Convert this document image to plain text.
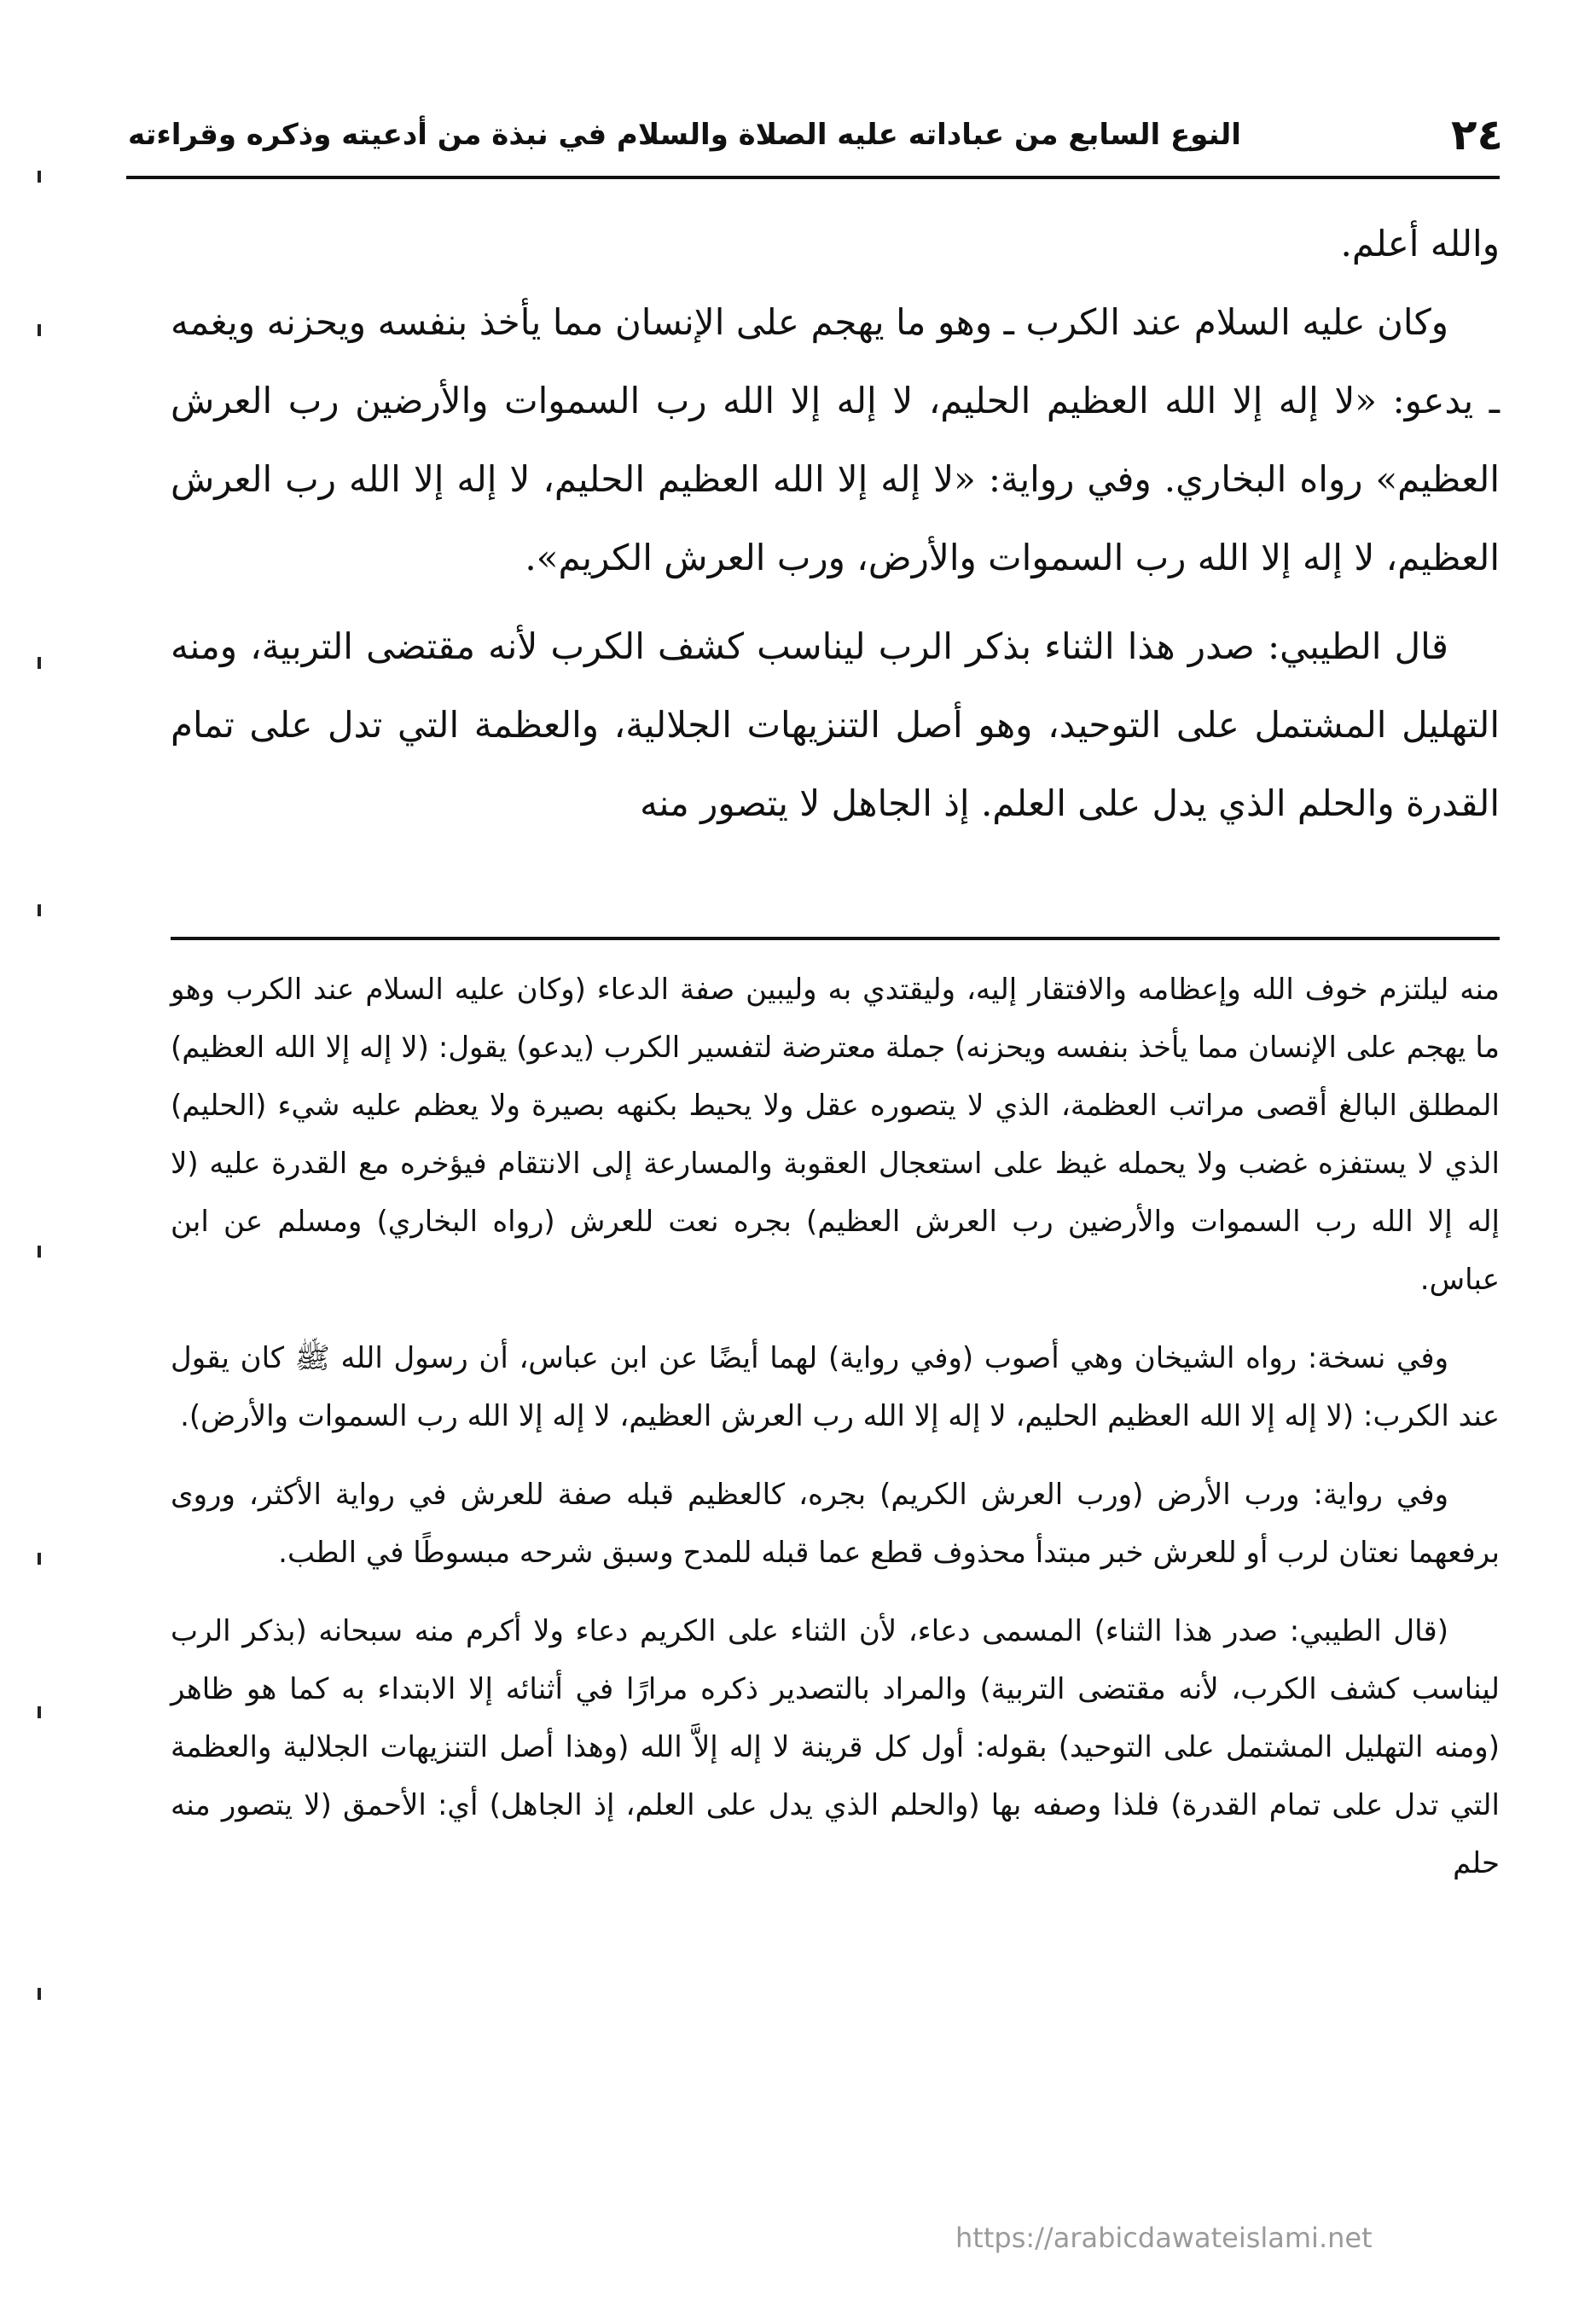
٢٤
النوع السابع من عباداته عليه الصلاة والسلام في نبذة من أدعيته وذكره وقراءته

والله أعلم.

وكان عليه السلام عند الكرب ـ وهو ما يهجم على الإنسان مما يأخذ بنفسه ويحزنه ويغمه ـ يدعو: «لا إله إلا الله العظيم الحليم، لا إله إلا الله رب السموات والأرضين رب العرش العظيم» رواه البخاري. وفي رواية: «لا إله إلا الله العظيم الحليم، لا إله إلا الله رب العرش العظيم، لا إله إلا الله رب السموات والأرض، ورب العرش الكريم».

قال الطيبي: صدر هذا الثناء بذكر الرب ليناسب كشف الكرب لأنه مقتضى التربية، ومنه التهليل المشتمل على التوحيد، وهو أصل التنزيهات الجلالية، والعظمة التي تدل على تمام القدرة والحلم الذي يدل على العلم. إذ الجاهل لا يتصور منه

منه ليلتزم خوف الله وإعظامه والافتقار إليه، وليقتدي به وليبين صفة الدعاء (وكان عليه السلام عند الكرب وهو ما يهجم على الإنسان مما يأخذ بنفسه ويحزنه) جملة معترضة لتفسير الكرب (يدعو) يقول: (لا إله إلا الله العظيم) المطلق البالغ أقصى مراتب العظمة، الذي لا يتصوره عقل ولا يحيط بكنهه بصيرة ولا يعظم عليه شيء (الحليم) الذي لا يستفزه غضب ولا يحمله غيظ على استعجال العقوبة والمسارعة إلى الانتقام فيؤخره مع القدرة عليه (لا إله إلا الله رب السموات والأرضين رب العرش العظيم) بجره نعت للعرش (رواه البخاري) ومسلم عن ابن عباس.

وفي نسخة: رواه الشيخان وهي أصوب (وفي رواية) لهما أيضًا عن ابن عباس، أن رسول الله ﷺ كان يقول عند الكرب: (لا إله إلا الله العظيم الحليم، لا إله إلا الله رب العرش العظيم، لا إله إلا الله رب السموات والأرض).

وفي رواية: ورب الأرض (ورب العرش الكريم) بجره، كالعظيم قبله صفة للعرش في رواية الأكثر، وروى برفعهما نعتان لرب أو للعرش خبر مبتدأ محذوف قطع عما قبله للمدح وسبق شرحه مبسوطًا في الطب.

(قال الطيبي: صدر هذا الثناء) المسمى دعاء، لأن الثناء على الكريم دعاء ولا أكرم منه سبحانه (بذكر الرب ليناسب كشف الكرب، لأنه مقتضى التربية) والمراد بالتصدير ذكره مرارًا في أثنائه إلا الابتداء به كما هو ظاهر (ومنه التهليل المشتمل على التوحيد) بقوله: أول كل قرينة لا إله إلاَّ الله (وهذا أصل التنزيهات الجلالية والعظمة التي تدل على تمام القدرة) فلذا وصفه بها (والحلم الذي يدل على العلم، إذ الجاهل) أي: الأحمق (لا يتصور منه حلم

https://arabicdawateislami.net
